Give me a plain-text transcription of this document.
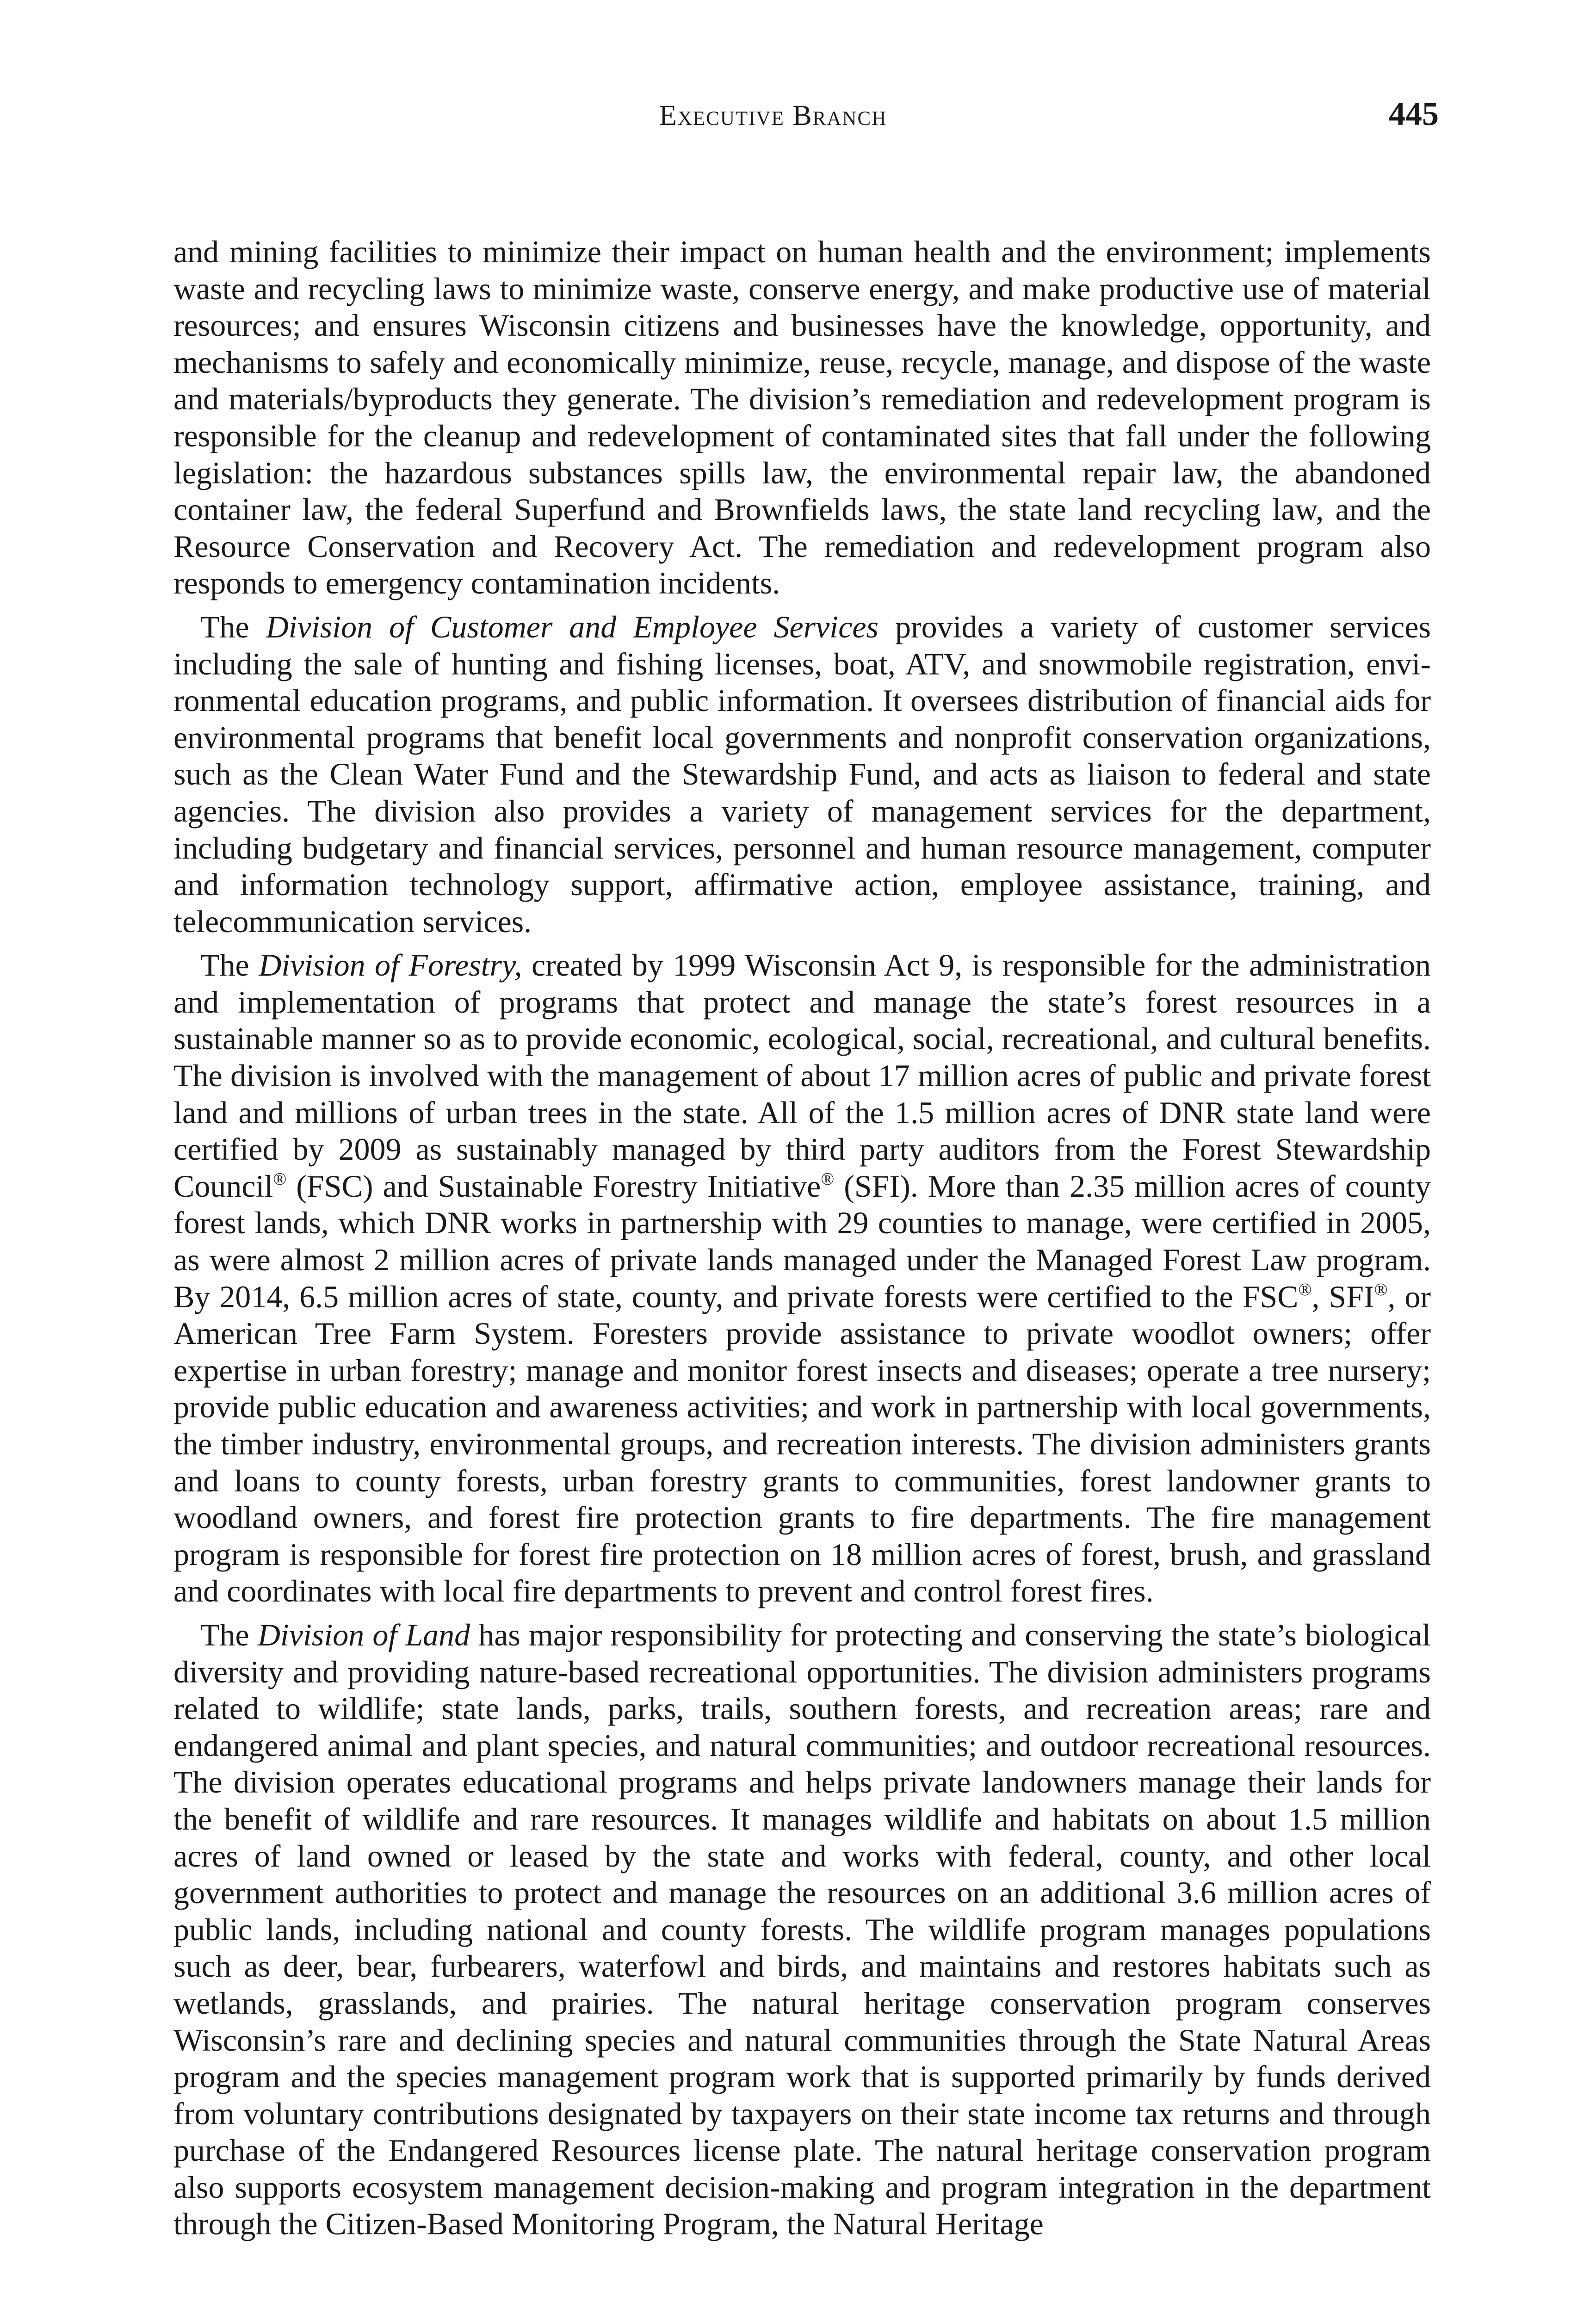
Executive Branch	445

and mining facilities to minimize their impact on human health and the environment; implements waste and recycling laws to minimize waste, conserve energy, and make productive use of material resources; and ensures Wisconsin citizens and businesses have the knowledge, opportunity, and mechanisms to safely and economically minimize, reuse, recycle, manage, and dispose of the waste and materials/byproducts they generate. The division’s remediation and redevelopment program is responsible for the cleanup and redevelopment of contaminated sites that fall under the following legislation: the hazardous substances spills law, the environmental repair law, the abandoned container law, the federal Superfund and Brownfields laws, the state land recycling law, and the Resource Conservation and Recovery Act. The remediation and redevelopment program also responds to emergency contamination incidents.

The Division of Customer and Employee Services provides a variety of customer services including the sale of hunting and fishing licenses, boat, ATV, and snowmobile registration, environmental education programs, and public information. It oversees distribution of financial aids for environmental programs that benefit local governments and nonprofit conservation organizations, such as the Clean Water Fund and the Stewardship Fund, and acts as liaison to federal and state agencies. The division also provides a variety of management services for the department, including budgetary and financial services, personnel and human resource management, computer and information technology support, affirmative action, employee assistance, training, and telecommunication services.

The Division of Forestry, created by 1999 Wisconsin Act 9, is responsible for the administration and implementation of programs that protect and manage the state’s forest resources in a sustainable manner so as to provide economic, ecological, social, recreational, and cultural benefits. The division is involved with the management of about 17 million acres of public and private forest land and millions of urban trees in the state. All of the 1.5 million acres of DNR state land were certified by 2009 as sustainably managed by third party auditors from the Forest Stewardship Council® (FSC) and Sustainable Forestry Initiative® (SFI). More than 2.35 million acres of county forest lands, which DNR works in partnership with 29 counties to manage, were certified in 2005, as were almost 2 million acres of private lands managed under the Managed Forest Law program. By 2014, 6.5 million acres of state, county, and private forests were certified to the FSC®, SFI®, or American Tree Farm System. Foresters provide assistance to private woodlot owners; offer expertise in urban forestry; manage and monitor forest insects and diseases; operate a tree nursery; provide public education and awareness activities; and work in partnership with local governments, the timber industry, environmental groups, and recreation interests. The division administers grants and loans to county forests, urban forestry grants to communities, forest landowner grants to woodland owners, and forest fire protection grants to fire departments. The fire management program is responsible for forest fire protection on 18 million acres of forest, brush, and grassland and coordinates with local fire departments to prevent and control forest fires.

The Division of Land has major responsibility for protecting and conserving the state’s biological diversity and providing nature-based recreational opportunities. The division administers programs related to wildlife; state lands, parks, trails, southern forests, and recreation areas; rare and endangered animal and plant species, and natural communities; and outdoor recreational resources. The division operates educational programs and helps private landowners manage their lands for the benefit of wildlife and rare resources. It manages wildlife and habitats on about 1.5 million acres of land owned or leased by the state and works with federal, county, and other local government authorities to protect and manage the resources on an additional 3.6 million acres of public lands, including national and county forests. The wildlife program manages populations such as deer, bear, furbearers, waterfowl and birds, and maintains and restores habitats such as wetlands, grasslands, and prairies. The natural heritage conservation program conserves Wisconsin’s rare and declining species and natural communities through the State Natural Areas program and the species management program work that is supported primarily by funds derived from voluntary contributions designated by taxpayers on their state income tax returns and through purchase of the Endangered Resources license plate. The natural heritage conservation program also supports ecosystem management decision-making and program integration in the department through the Citizen-Based Monitoring Program, the Natural Heritage
